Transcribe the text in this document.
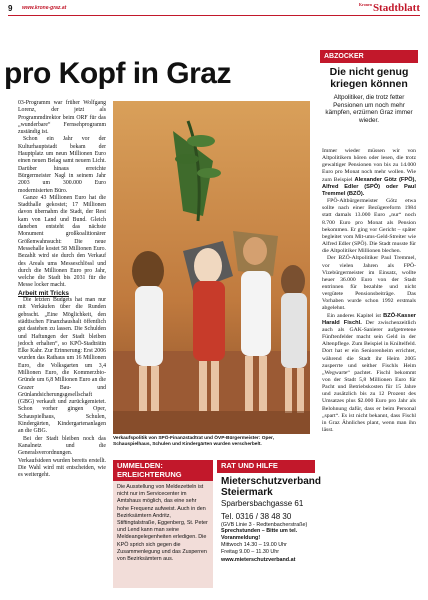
9 www.krone-graz.at
$^{Kronen}$Stadtblatt
pro Kopf in Graz

03-Programm war früher Wolfgang Lorenz, der jetzt als Programmdirektor beim ORF für das „wunderbare“ Fernsehprogramm zuständig ist.

Schon ein Jahr vor der Kulturhauptstadt bekam der Hauptplatz um neun Millionen Euro einen neuen Belag samt neuem Licht. Darüber hinaus erreichte Bürgermeister Nagl in seinem Jahr 2003 um 300.000 Euro modernisierten Büro.

Ganze 43 Millionen Euro hat die Stadthalle gekostet; 17 Millionen davon übernahm die Stadt, der Rest kam von Land und Bund. Gleich daneben entsteht das nächste Monument großkoalitionärer Größenwahnsucht: Die neue Messehalle kostet 58 Millionen Euro. Bezahlt wird sie durch den Verkauf des Areals ums Messeschlössl und durch die Millionen Euro pro Jahr, welche die Stadt bis 2031 für die Messe locker macht.

Arbeit mit Tricks

Die letzten Budgets hat man nur mit Verkäufen über die Runden gebracht. „Eine Möglichkeit, den städtischen Finanzhaushalt öffentlich gut dastehen zu lassen. Die Schulden und Haftungen der Stadt bleiben jedoch erhalten“, so KPÖ-Stadträtin Elke Kahr. Zur Erinnerung: Erst 2006 wurden das Rathaus um 16 Millionen Euro, die Volksgarten um 3,4 Millionen Euro, die Kommerzbio-Gründe um 6,8 Millionen Euro an die Grazer Bau- und Grünlandsicherungsgesellschaft (GBG) verkauft und zurückgemietet. Schon vorher gingen Oper, Schauspielhaus, Schulen, Kindergärten, Kindergartenanlagen an die GBG.

Bei der Stadt bleiben noch das Kanalnetz und die Generalsverordnungen. Verkaufsideen wurden bereits erstellt. Die Wahl wird mit entscheiden, wie es weitergeht.

Verkaufspolitik von SPÖ-Finanzstadtrat und ÖVP-Bürgermeister: Oper, Schauspielhaus, Schulen und Kindergärten wurden verscherbelt.
ABZOCKER
Die nicht genug kriegen können
Altpolitiker, die trotz fetter Pensionen um noch mehr kämpfen, erzürnen Graz immer wieder.

Immer wieder müssen wir von Altpolitikern hören oder lesen, die trotz gewaltiger Pensionen von bis zu 14.000 Euro pro Monat noch mehr wollen. Wie zum Beispiel Alexander Götz (FPÖ), Alfred Edler (SPÖ) oder Paul Tremmel (BZÖ).

FPÖ-Altbürgermeister Götz etwa sollte nach einer Bezügereform 1984 statt damals 13.000 Euro „nur“ noch 8.700 Euro pro Monat als Pension bekommen. Er ging vor Gericht – später begleitet vom Mit-ums-Geld-Streiter wie Alfred Edler (SPÖ). Die Stadt musste für die Altpolitiker Millionen blechen.

Der BZÖ-Altpolitiker Paul Tremmel, vor vielen Jahren als FPÖ-Vizebürgermeister im Einsatz, wollte heuer 36.000 Euro von der Stadt entrinnen für bezahlte und nicht vergütete Pensionsbeiträge. Das Vorhaben wurde schon 1992 erstmals abgelehnt.

Ein anderes Kapitel ist BZÖ-Kasser Harald Fischl. Der zwischenzeitlich auch als GAK-Sanierer aufgetretene Fünftenfelder macht sein Geld in der Altenpflege. Zum Beispiel in Kniltelfeld. Dort hat er ein Seniorenheim errichtet, während die Stadt ihr Heim 2005 zusperrte und seither Fischls Heim „Wegwarte“ pachtet. Fischl bekommt von der Stadt 5,8 Millionen Euro für Pacht und Betriebskosten für 15 Jahre und zusätzlich bis zu 12 Prozent des Umsatzes plus $2.000 Euro pro Jahr als Belohnung dafür, dass er beim Personal „spart“. Es ist nicht bekannt, dass Fischl in Graz Ähnliches plant, wenn man ihn lässt.

UMMELDEN: ERLEICHTERUNG
Die Ausstellung von Meldezetteln ist nicht nur im Servicecenter im Amtshaus möglich, das eine sehr hohe Frequenz aufweist. Auch in den Bezirksämtern Andritz, Stiftingtalstraße, Eggenberg, St. Peter und Lend kann man seine Meldeangelegenheiten erledigen. Die KPÖ sprich sich gegen die Zusammenlegung und das Zusperren von Bezirksämtern aus.
RAT UND HILFE
Mieterschutzverband Steiermark
Sparbersbachgasse 61
Tel. 0316 / 38 48 30
(GVB Linie 3 - Redtenbacherstraße)
Sprechstunden – Bitte um tel. Voranmeldung!
Mittwoch 14.30 – 19.00 Uhr
Freitag 9.00 – 11.30 Uhr
www.mieterschutzverband.at
